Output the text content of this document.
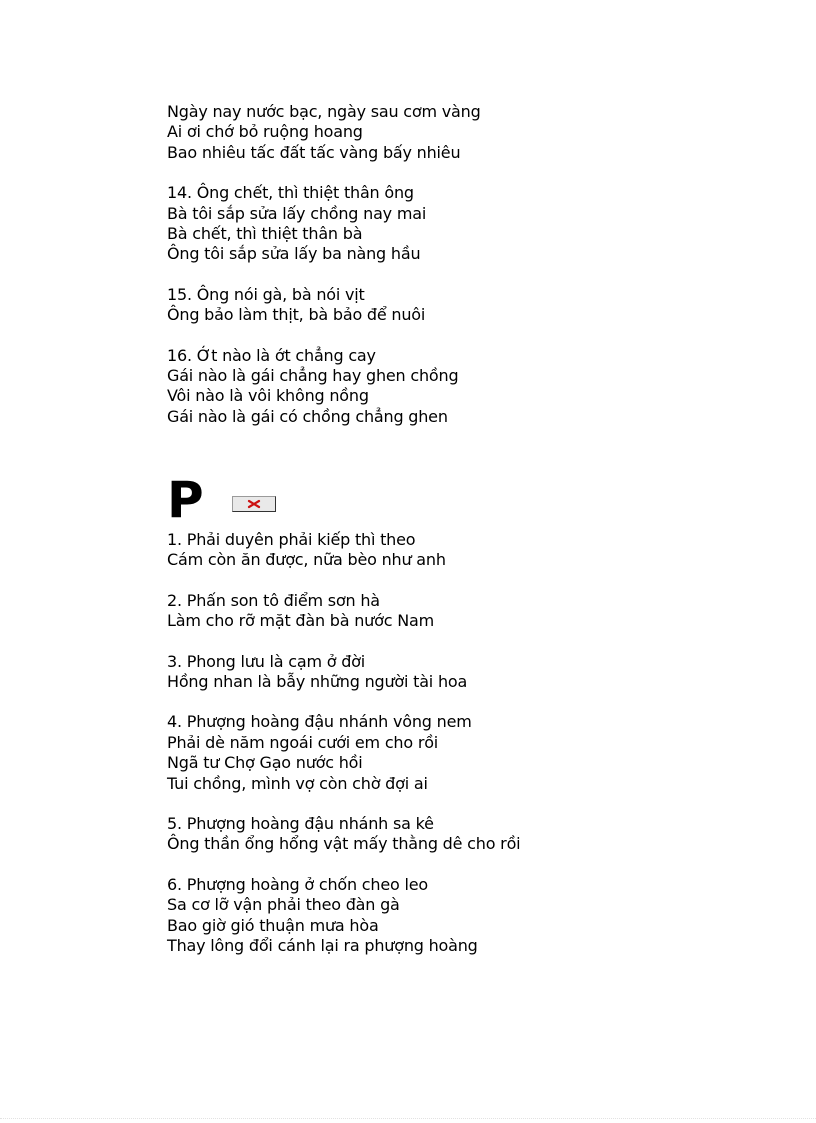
Ngày nay nước bạc, ngày sau cơm vàng
Ai ơi chớ bỏ ruộng hoang
Bao nhiêu tấc đất tấc vàng bấy nhiêu
14. Ông chết, thì thiệt thân ông
Bà tôi sắp sửa lấy chồng nay mai
Bà chết, thì thiệt thân bà
Ông tôi sắp sửa lấy ba nàng hầu
15. Ông nói gà, bà nói vịt
Ông bảo làm thịt, bà bảo để nuôi
16. Ớt nào là ớt chẳng cay
Gái nào là gái chẳng hay ghen chồng
Vôi nào là vôi không nồng
Gái nào là gái có chồng chẳng ghen
P
1. Phải duyên phải kiếp thì theo
Cám còn ăn được, nữa bèo như anh
2. Phấn son tô điểm sơn hà
Làm cho rỡ mặt đàn bà nước Nam
3. Phong lưu là cạm ở đời
Hồng nhan là bẫy những người tài hoa
4. Phượng hoàng đậu nhánh vông nem
Phải dè năm ngoái cưới em cho rồi
Ngã tư Chợ Gạo nước hồi
Tui chồng, mình vợ còn chờ đợi ai
5. Phượng hoàng đậu nhánh sa kê
Ông thần ổng hổng vật mấy thằng dê cho rồi
6. Phượng hoàng ở chốn cheo leo
Sa cơ lỡ vận phải theo đàn gà
Bao giờ gió thuận mưa hòa
Thay lông đổi cánh lại ra phượng hoàng
